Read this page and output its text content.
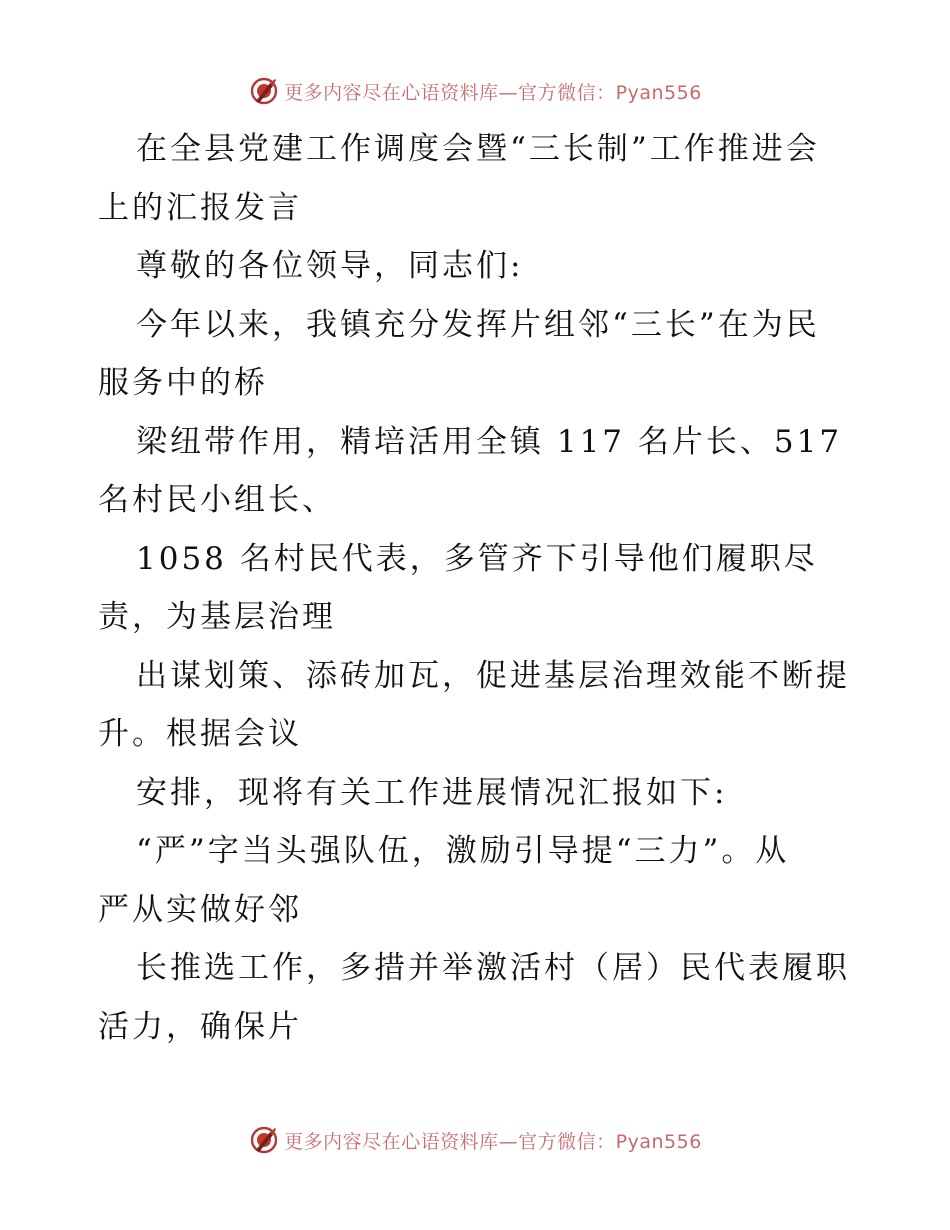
更多内容尽在心语资料库—官方微信：Pyan556
在全县党建工作调度会暨“三长制”工作推进会
上的汇报发言
尊敬的各位领导，同志们:
今年以来，我镇充分发挥片组邻“三长”在为民
服务中的桥
梁纽带作用，精培活用全镇 117 名片长、517
名村民小组长、
1058 名村民代表，多管齐下引导他们履职尽
责，为基层治理
出谋划策、添砖加瓦，促进基层治理效能不断提
升。根据会议
安排，现将有关工作进展情况汇报如下:
“严”字当头强队伍，激励引导提“三力”。从
严从实做好邻
长推选工作，多措并举激活村（居）民代表履职
活力，确保片
更多内容尽在心语资料库—官方微信：Pyan556
